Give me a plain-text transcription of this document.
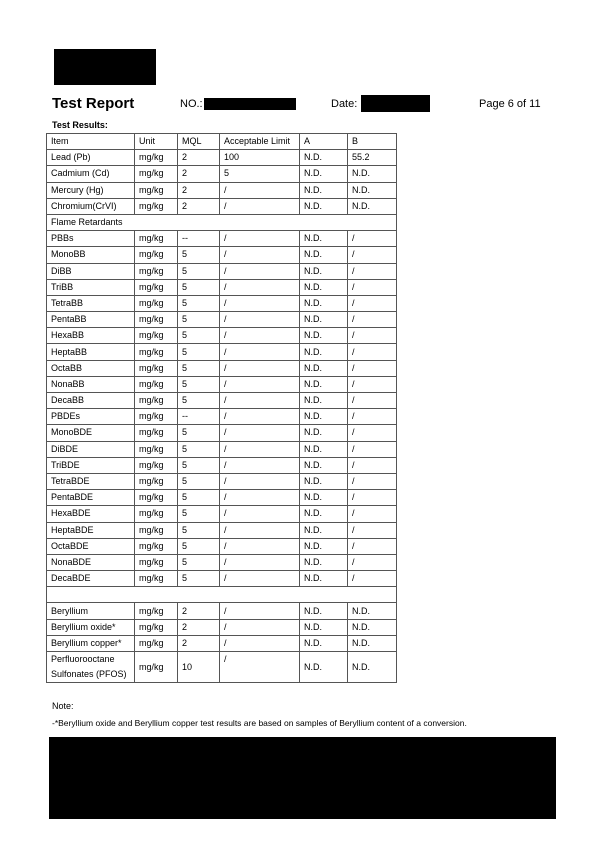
Test Report	NO.:	Date:	Page 6 of 11
Test Results:
Item	Unit	MQL	Acceptable Limit	A	B
Lead (Pb)	mg/kg	2	100	N.D.	55.2
Cadmium (Cd)	mg/kg	2	5	N.D.	N.D.
Mercury (Hg)	mg/kg	2	/	N.D.	N.D.
Chromium(CrVI)	mg/kg	2	/	N.D.	N.D.
Flame Retardants					
PBBs	mg/kg	--	/	N.D.	/
MonoBB	mg/kg	5	/	N.D.	/
DiBB	mg/kg	5	/	N.D.	/
TriBB	mg/kg	5	/	N.D.	/
TetraBB	mg/kg	5	/	N.D.	/
PentaBB	mg/kg	5	/	N.D.	/
HexaBB	mg/kg	5	/	N.D.	/
HeptaBB	mg/kg	5	/	N.D.	/
OctaBB	mg/kg	5	/	N.D.	/
NonaBB	mg/kg	5	/	N.D.	/
DecaBB	mg/kg	5	/	N.D.	/
PBDEs	mg/kg	--	/	N.D.	/
MonoBDE	mg/kg	5	/	N.D.	/
DiBDE	mg/kg	5	/	N.D.	/
TriBDE	mg/kg	5	/	N.D.	/
TetraBDE	mg/kg	5	/	N.D.	/
PentaBDE	mg/kg	5	/	N.D.	/
HexaBDE	mg/kg	5	/	N.D.	/
HeptaBDE	mg/kg	5	/	N.D.	/
OctaBDE	mg/kg	5	/	N.D.	/
NonaBDE	mg/kg	5	/	N.D.	/
DecaBDE	mg/kg	5	/	N.D.	/

Beryllium	mg/kg	2	/	N.D.	N.D.
Beryllium oxide*	mg/kg	2	/	N.D.	N.D.
Beryllium copper*	mg/kg	2	/	N.D.	N.D.
Perfluorooctane Sulfonates (PFOS)	mg/kg	10	/	N.D.	N.D.
Note:
-*Beryllium oxide and Beryllium copper test results are based on samples of Beryllium content of a conversion.
